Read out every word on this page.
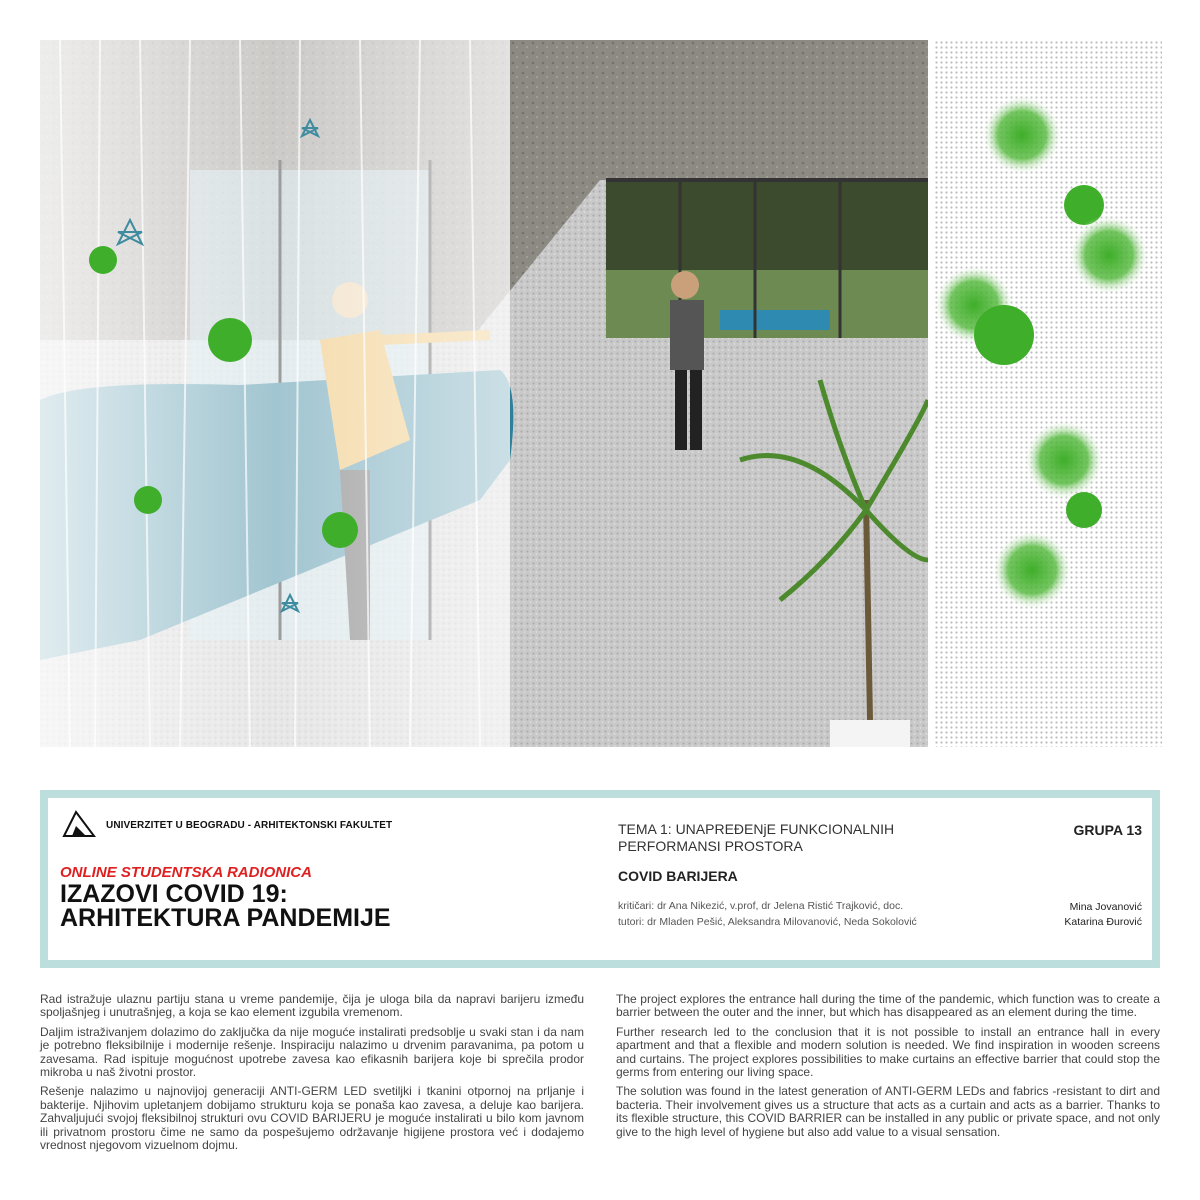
UNIVERZITET U BEOGRADU - ARHITEKTONSKI FAKULTET
ONLINE STUDENTSKA RADIONICA
IZAZOVI COVID 19:
ARHITEKTURA PANDEMIJE
TEMA 1: UNAPREĐENjE FUNKCIONALNIH
PERFORMANSI PROSTORA
COVID BARIJERA
kritičari: dr Ana Nikezić, v.prof, dr Jelena Ristić Trajković, doc.
tutori: dr Mladen Pešić, Aleksandra Milovanović, Neda Sokolović
GRUPA 13
Mina Jovanović
Katarina Đurović

Rad istražuje ulaznu partiju stana u vreme pandemije, čija je uloga bila da napravi barijeru između spoljašnjeg i unutrašnjeg, a koja se kao element izgubila vremenom.

Daljim istraživanjem dolazimo do zaključka da nije moguće instalirati predsoblje u svaki stan i da nam je potrebno fleksibilnije i modernije rešenje. Inspiraciju nalazimo u drvenim paravanima, pa potom u zavesama. Rad ispituje mogućnost upotrebe zavesa kao efikasnih barijera koje bi sprečila prodor mikroba u naš životni prostor.

Rešenje nalazimo u najnovijoj generaciji ANTI-GERM LED svetiljki i tkanini otpornoj na prljanje i bakterije. Njihovim upletanjem dobijamo strukturu koja se ponaša kao zavesa, a deluje kao barijera. Zahvaljujući svojoj fleksibilnoj strukturi ovu COVID BARIJERU je moguće instalirati u bilo kom javnom ili privatnom prostoru čime ne samo da pospešujemo održavanje higijene prostora već i dodajemo vrednost njegovom vizuelnom dojmu.

The project explores the entrance hall during the time of the pandemic, which function was to create a barrier between the outer and the inner, but which has disappeared as an element during the time.

Further research led to the conclusion that it is not possible to install an entrance hall in every apartment and that a flexible and modern solution is needed. We find inspiration in wooden screens and curtains. The project explores possibilities to make curtains an effective barrier that could stop the germs from entering our living space.

The solution was found in the latest generation of ANTI-GERM LEDs and fabrics -resistant to dirt and bacteria. Their involvement gives us a structure that acts as a curtain and acts as a barrier. Thanks to its flexible structure, this COVID BARRIER can be installed in any public or private space, and not only give to the high level of hygiene but also add value to a visual sensation.
